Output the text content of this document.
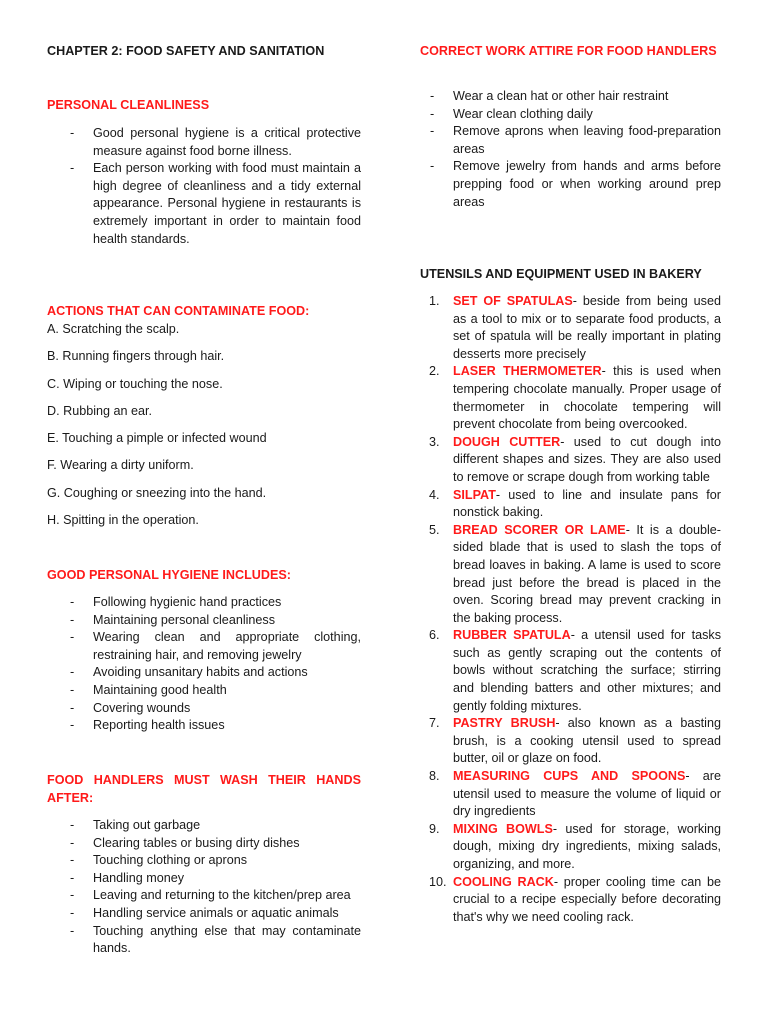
CHAPTER 2: FOOD SAFETY AND SANITATION
PERSONAL CLEANLINESS
- Good personal hygiene is a critical protective measure against food borne illness.
- Each person working with food must maintain a high degree of cleanliness and a tidy external appearance. Personal hygiene in restaurants is extremely important in order to maintain food health standards.
ACTIONS THAT CAN CONTAMINATE FOOD:
A. Scratching the scalp.
B. Running fingers through hair.
C. Wiping or touching the nose.
D. Rubbing an ear.
E. Touching a pimple or infected wound
F. Wearing a dirty uniform.
G. Coughing or sneezing into the hand.
H. Spitting in the operation.
GOOD PERSONAL HYGIENE INCLUDES:
- Following hygienic hand practices
- Maintaining personal cleanliness
- Wearing clean and appropriate clothing, restraining hair, and removing jewelry
- Avoiding unsanitary habits and actions
- Maintaining good health
- Covering wounds
- Reporting health issues
FOOD HANDLERS MUST WASH THEIR HANDS AFTER:
- Taking out garbage
- Clearing tables or busing dirty dishes
- Touching clothing or aprons
- Handling money
- Leaving and returning to the kitchen/prep area
- Handling service animals or aquatic animals
- Touching anything else that may contaminate hands.
CORRECT WORK ATTIRE FOR FOOD HANDLERS
- Wear a clean hat or other hair restraint
- Wear clean clothing daily
- Remove aprons when leaving food-preparation areas
- Remove jewelry from hands and arms before prepping food or when working around prep areas
UTENSILS AND EQUIPMENT USED IN BAKERY
1. SET OF SPATULAS- beside from being used as a tool to mix or to separate food products, a set of spatula will be really important in plating desserts more precisely
2. LASER THERMOMETER- this is used when tempering chocolate manually. Proper usage of thermometer in chocolate tempering will prevent chocolate from being overcooked.
3. DOUGH CUTTER- used to cut dough into different shapes and sizes. They are also used to remove or scrape dough from working table
4. SILPAT- used to line and insulate pans for nonstick baking.
5. BREAD SCORER OR LAME- It is a double-sided blade that is used to slash the tops of bread loaves in baking. A lame is used to score bread just before the bread is placed in the oven. Scoring bread may prevent cracking in the baking process.
6. RUBBER SPATULA- a utensil used for tasks such as gently scraping out the contents of bowls without scratching the surface; stirring and blending batters and other mixtures; and gently folding mixtures.
7. PASTRY BRUSH- also known as a basting brush, is a cooking utensil used to spread butter, oil or glaze on food.
8. MEASURING CUPS AND SPOONS- are utensil used to measure the volume of liquid or dry ingredients
9. MIXING BOWLS- used for storage, working dough, mixing dry ingredients, mixing salads, organizing, and more.
10. COOLING RACK- proper cooling time can be crucial to a recipe especially before decorating that's why we need cooling rack.
